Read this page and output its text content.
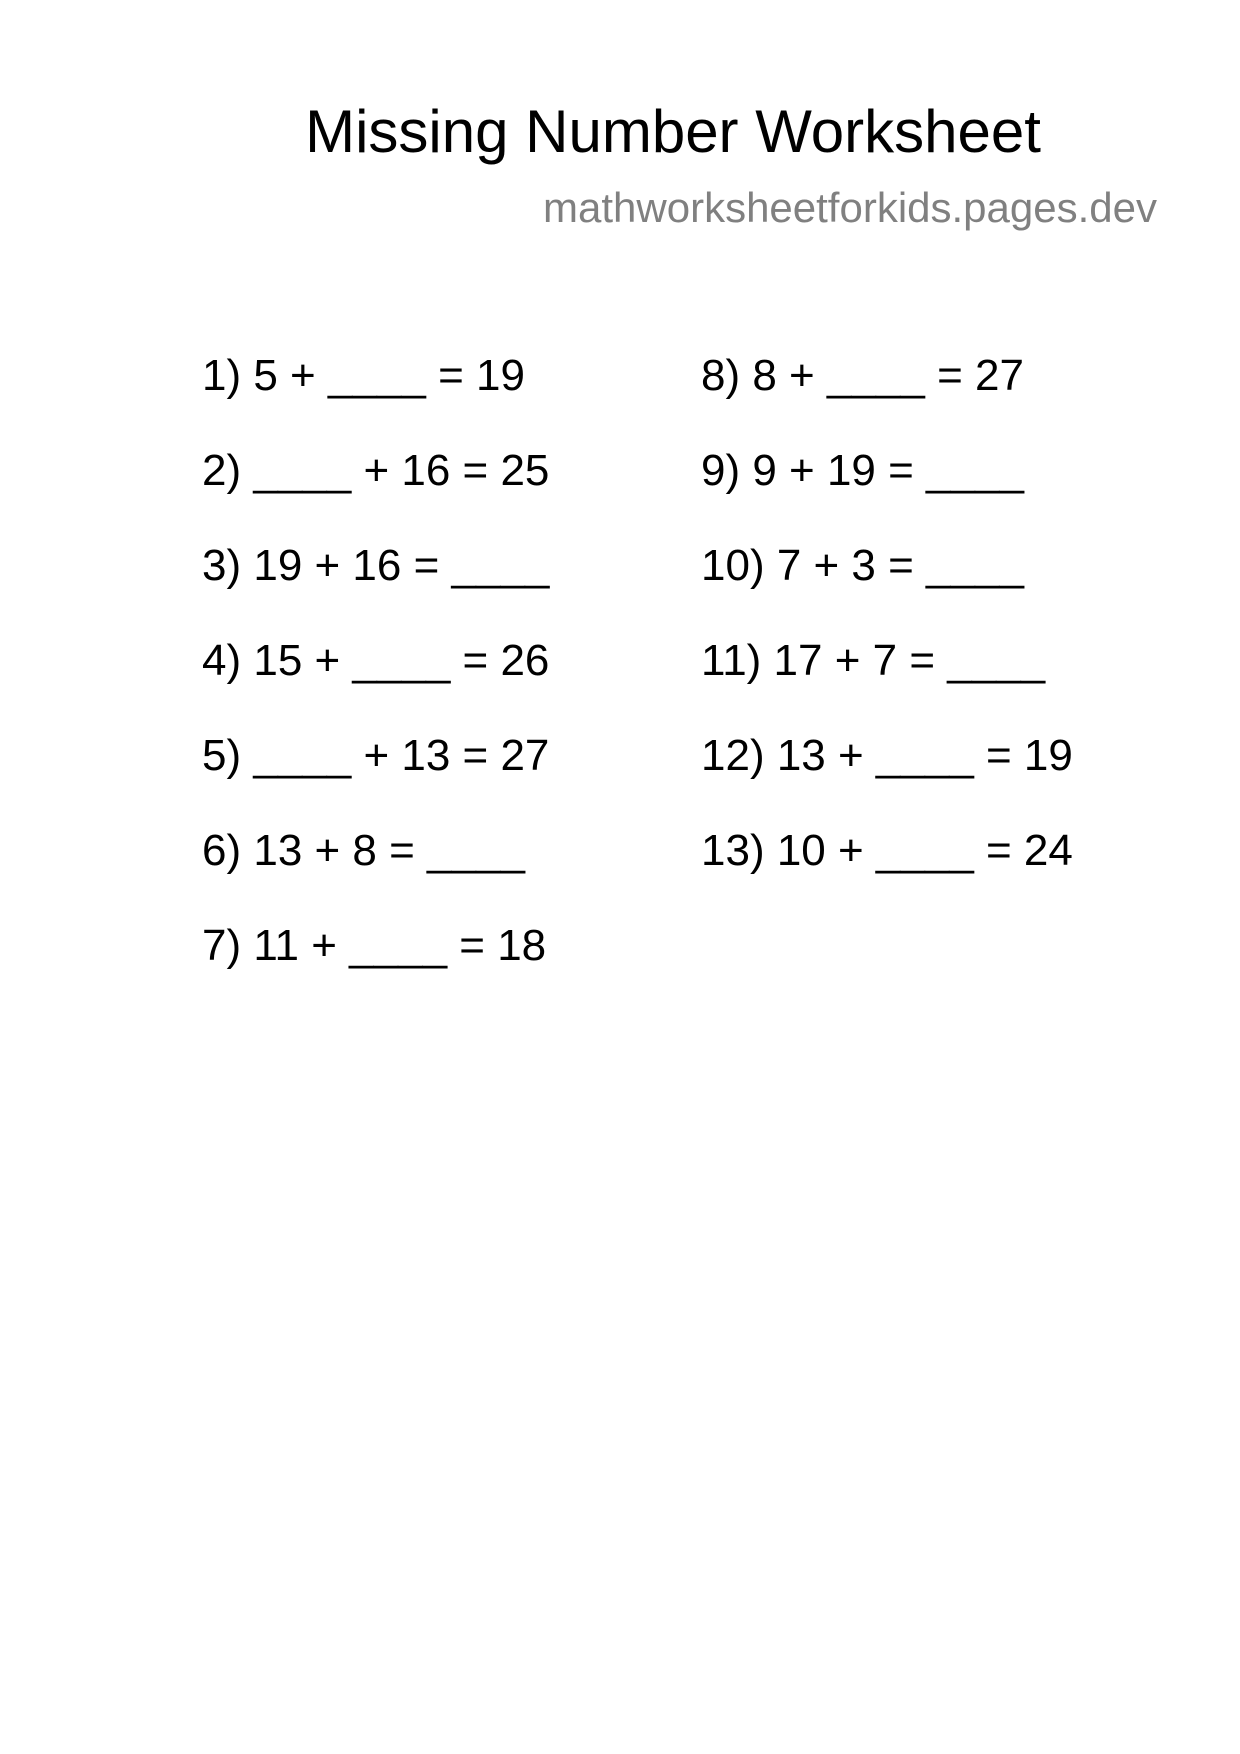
Missing Number Worksheet
mathworksheetforkids.pages.dev
1) 5 + ____ = 19
2) ____ + 16 = 25
3) 19 + 16 = ____
4) 15 + ____ = 26
5) ____ + 13 = 27
6) 13 + 8 = ____
7) 11 + ____ = 18
8) 8 + ____ = 27
9) 9 + 19 = ____
10) 7 + 3 = ____
11) 17 + 7 = ____
12) 13 + ____ = 19
13) 10 + ____ = 24
